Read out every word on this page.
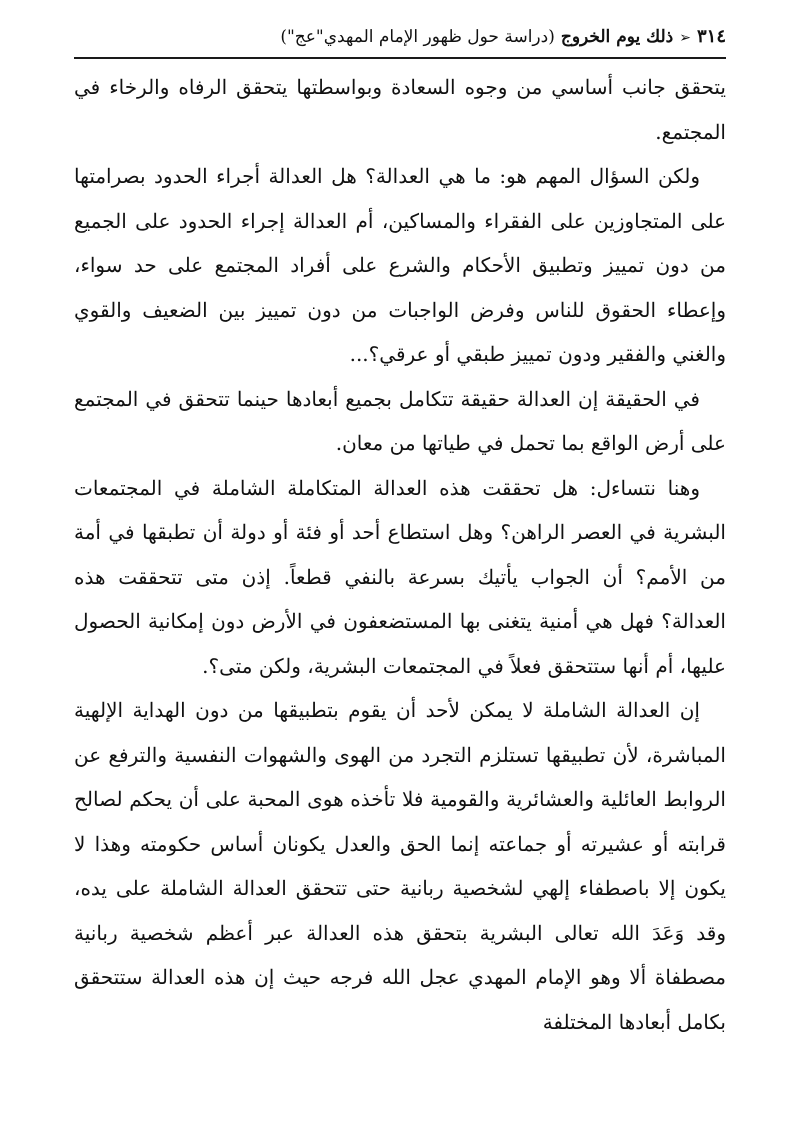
٣١٤
➢
ذلك يوم الخروج
(دراسة حول ظهور الإمام المهدي"عج")

يتحقق جانب أساسي من وجوه السعادة وبواسطتها يتحقق الرفاه والرخاء في المجتمع.

ولكن السؤال المهم هو: ما هي العدالة؟ هل العدالة أجراء الحدود بصرامتها على المتجاوزين على الفقراء والمساكين، أم العدالة إجراء الحدود على الجميع من دون تمييز وتطبيق الأحكام والشرع على أفراد المجتمع على حد سواء، وإعطاء الحقوق للناس وفرض الواجبات من دون تمييز بين الضعيف والقوي والغني والفقير ودون تمييز طبقي أو عرقي؟...

في الحقيقة إن العدالة حقيقة تتكامل بجميع أبعادها حينما تتحقق في المجتمع على أرض الواقع بما تحمل في طياتها من معان.

وهنا نتساءل: هل تحققت هذه العدالة المتكاملة الشاملة في المجتمعات البشرية في العصر الراهن؟ وهل استطاع أحد أو فئة أو دولة أن تطبقها في أمة من الأمم؟ أن الجواب يأتيك بسرعة بالنفي قطعاً. إذن متى تتحققت هذه العدالة؟ فهل هي أمنية يتغنى بها المستضعفون في الأرض دون إمكانية الحصول عليها، أم أنها ستتحقق فعلاً في المجتمعات البشرية، ولكن متى؟.

إن العدالة الشاملة لا يمكن لأحد أن يقوم بتطبيقها من دون الهداية الإلهية المباشرة، لأن تطبيقها تستلزم التجرد من الهوى والشهوات النفسية والترفع عن الروابط العائلية والعشائرية والقومية فلا تأخذه هوى المحبة على أن يحكم لصالح قرابته أو عشيرته أو جماعته إنما الحق والعدل يكونان أساس حكومته وهذا لا يكون إلا باصطفاء إلهي لشخصية ربانية حتى تتحقق العدالة الشاملة على يده، وقد وَعَدَ الله تعالى البشرية بتحقق هذه العدالة عبر أعظم شخصية ربانية مصطفاة ألا وهو الإمام المهدي عجل الله فرجه حيث إن هذه العدالة ستتحقق بكامل أبعادها المختلفة
